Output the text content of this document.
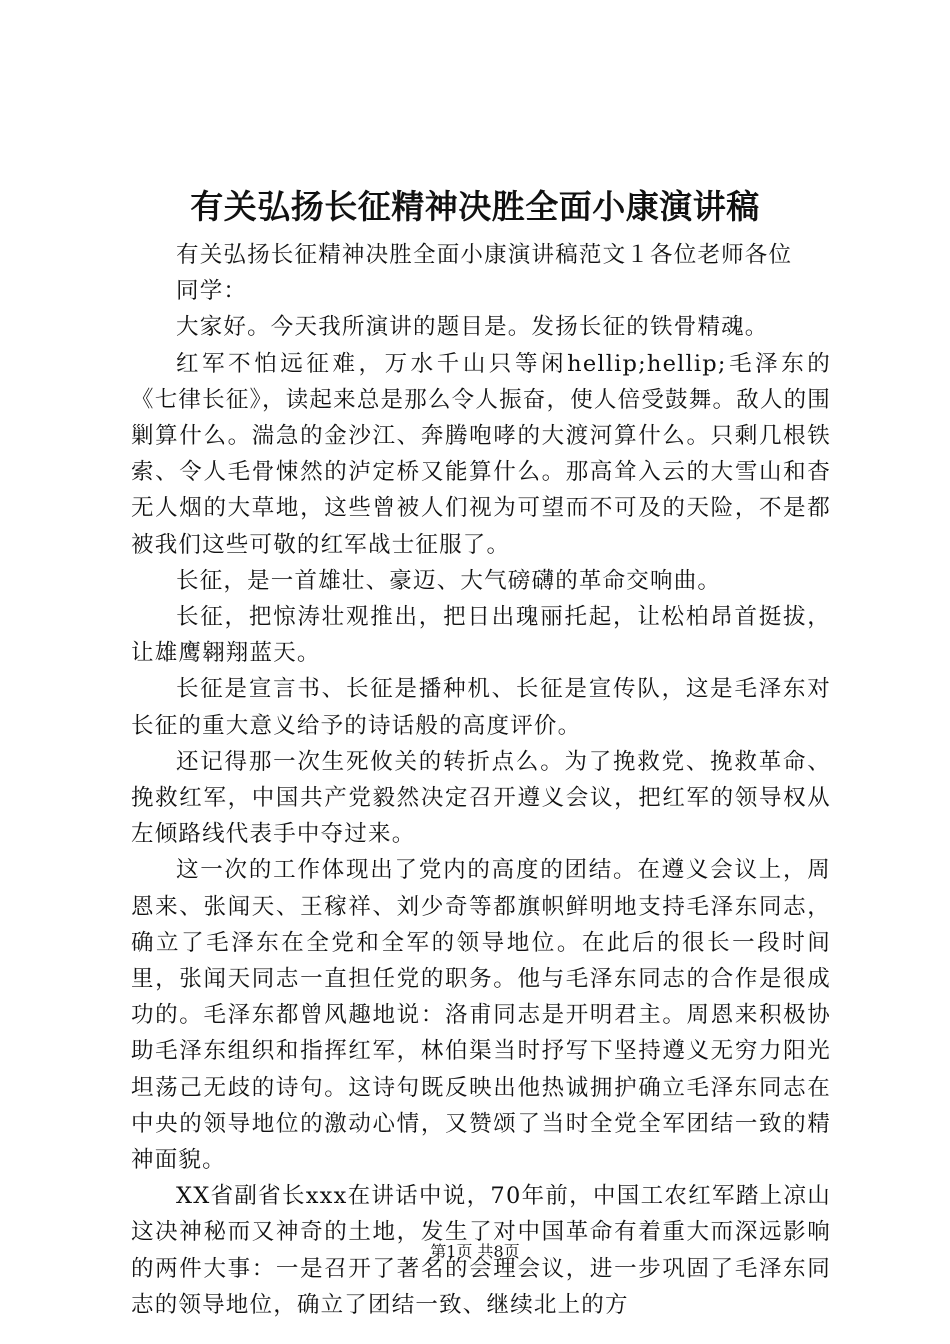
有关弘扬长征精神决胜全面小康演讲稿

有关弘扬长征精神决胜全面小康演讲稿范文１各位老师各位

同学：

大家好。今天我所演讲的题目是。发扬长征的铁骨精魂。

红军不怕远征难，万水千山只等闲hellip;hellip;毛泽东的《七律长征》，读起来总是那么令人振奋，使人倍受鼓舞。敌人的围剿算什么。湍急的金沙江、奔腾咆哮的大渡河算什么。只剩几根铁索、令人毛骨悚然的泸定桥又能算什么。那高耸入云的大雪山和杳无人烟的大草地，这些曾被人们视为可望而不可及的天险，不是都被我们这些可敬的红军战士征服了。

长征，是一首雄壮、豪迈、大气磅礴的革命交响曲。

长征，把惊涛壮观推出，把日出瑰丽托起，让松柏昂首挺拔，让雄鹰翱翔蓝天。

长征是宣言书、长征是播种机、长征是宣传队，这是毛泽东对长征的重大意义给予的诗话般的高度评价。

还记得那一次生死攸关的转折点么。为了挽救党、挽救革命、挽救红军，中国共产党毅然决定召开遵义会议，把红军的领导权从左倾路线代表手中夺过来。

这一次的工作体现出了党内的高度的团结。在遵义会议上，周恩来、张闻天、王稼祥、刘少奇等都旗帜鲜明地支持毛泽东同志，确立了毛泽东在全党和全军的领导地位。在此后的很长一段时间里，张闻天同志一直担任党的职务。他与毛泽东同志的合作是很成功的。毛泽东都曾风趣地说：洛甫同志是开明君主。周恩来积极协助毛泽东组织和指挥红军，林伯渠当时抒写下坚持遵义无穷力阳光坦荡己无歧的诗句。这诗句既反映出他热诚拥护确立毛泽东同志在中央的领导地位的激动心情，又赞颂了当时全党全军团结一致的精神面貌。

XX省副省长xxx在讲话中说，70年前，中国工农红军踏上凉山这决神秘而又神奇的土地，发生了对中国革命有着重大而深远影响的两件大事：一是召开了著名的会理会议，进一步巩固了毛泽东同志的领导地位，确立了团结一致、继续北上的方

第1页 共8页
